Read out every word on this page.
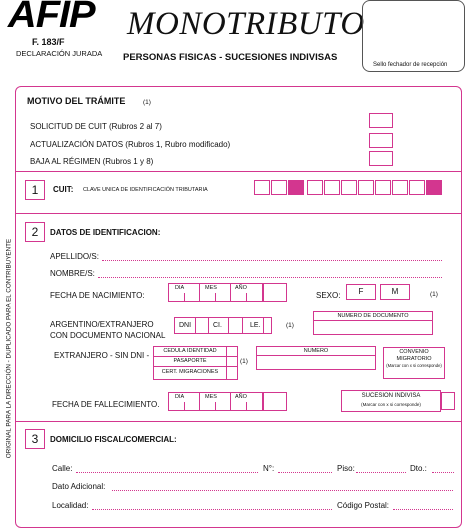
AFIP
F. 183/F
DECLARACIÓN JURADA
MONOTRIBUTO
PERSONAS FISICAS - SUCESIONES INDIVISAS
Sello fechador de recepción
ORIGINAL PARA LA DIRECCIÓN - DUPLICADO PARA EL CONTRIBUYENTE
MOTIVO DEL TRÁMITE	(1)
SOLICITUD DE CUIT (Rubros 2 al 7)
ACTUALIZACIÓN DATOS (Rubros 1, Rubro modificado)
BAJA AL RÉGIMEN (Rubros 1 y 8)
1	CUIT: CLAVE UNICA DE IDENTIFICACIÓN TRIBUTARIA
2	DATOS DE IDENTIFICACION:
APELLIDO/S:
NOMBRE/S:
FECHA DE NACIMIENTO:
DIA	MES	AÑO
SEXO:	F	M	(1)
ARGENTINO/EXTRANJERO
CON DOCUMENTO NACIONAL
DNI	CI.	LE.	(1)
NUMERO DE DOCUMENTO
EXTRANJERO - SIN DNI -	CEDULA IDENTIDAD
PASAPORTE
CERT. MIGRACIONES
(1)
NUMERO	CONVENIO
MIGRATORIO
(Marcar con x si corresponde)
FECHA DE FALLECIMIENTO.
DIA	MES	AÑO	SUCESION INDIVISA
(Marcar con x si corresponde)
3	DOMICILIO FISCAL/COMERCIAL:
Calle:	N°:	Piso:	Dto.:
Dato Adicional:
Localidad:	Código Postal:
